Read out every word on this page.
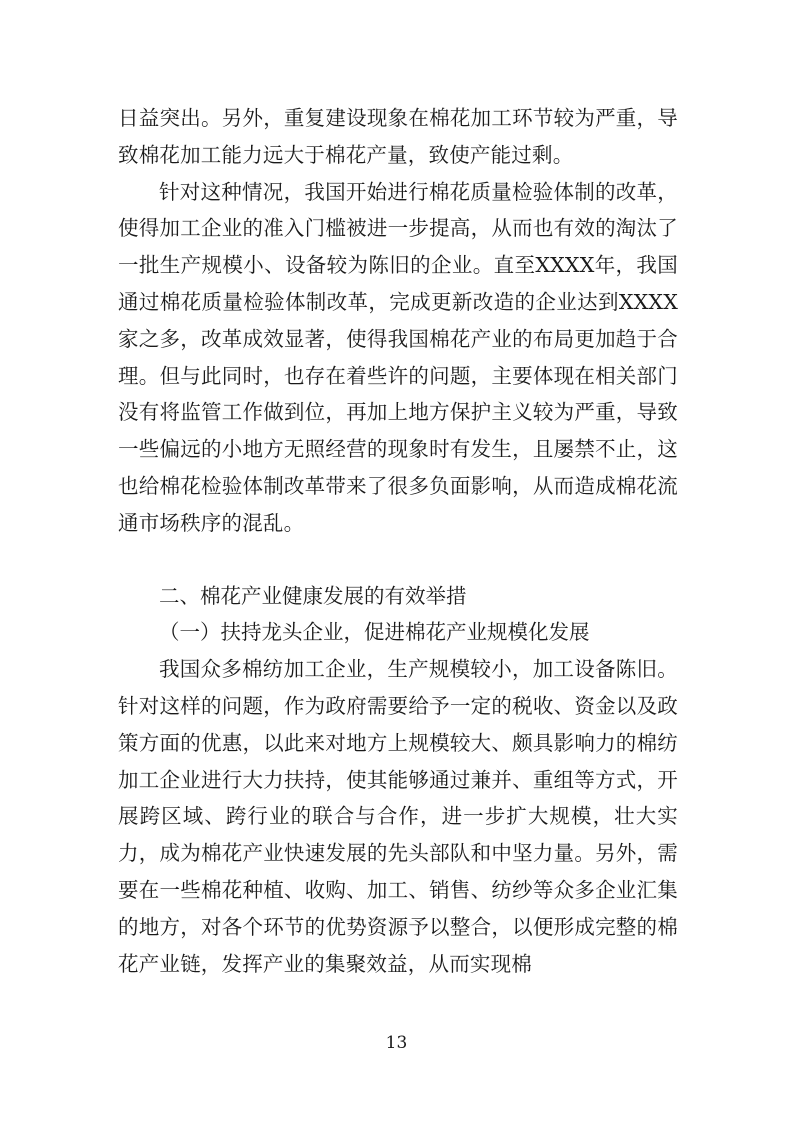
日益突出。另外，重复建设现象在棉花加工环节较为严重，导致棉花加工能力远大于棉花产量，致使产能过剩。

针对这种情况，我国开始进行棉花质量检验体制的改革，使得加工企业的准入门槛被进一步提高，从而也有效的淘汰了一批生产规模小、设备较为陈旧的企业。直至XXXX年，我国通过棉花质量检验体制改革，完成更新改造的企业达到XXXX家之多，改革成效显著，使得我国棉花产业的布局更加趋于合理。但与此同时，也存在着些许的问题，主要体现在相关部门没有将监管工作做到位，再加上地方保护主义较为严重，导致一些偏远的小地方无照经营的现象时有发生，且屡禁不止，这也给棉花检验体制改革带来了很多负面影响，从而造成棉花流通市场秩序的混乱。

二、棉花产业健康发展的有效举措

（一）扶持龙头企业，促进棉花产业规模化发展

我国众多棉纺加工企业，生产规模较小，加工设备陈旧。针对这样的问题，作为政府需要给予一定的税收、资金以及政策方面的优惠，以此来对地方上规模较大、颇具影响力的棉纺加工企业进行大力扶持，使其能够通过兼并、重组等方式，开展跨区域、跨行业的联合与合作，进一步扩大规模，壮大实力，成为棉花产业快速发展的先头部队和中坚力量。另外，需要在一些棉花种植、收购、加工、销售、纺纱等众多企业汇集的地方，对各个环节的优势资源予以整合，以便形成完整的棉花产业链，发挥产业的集聚效益，从而实现棉

13
